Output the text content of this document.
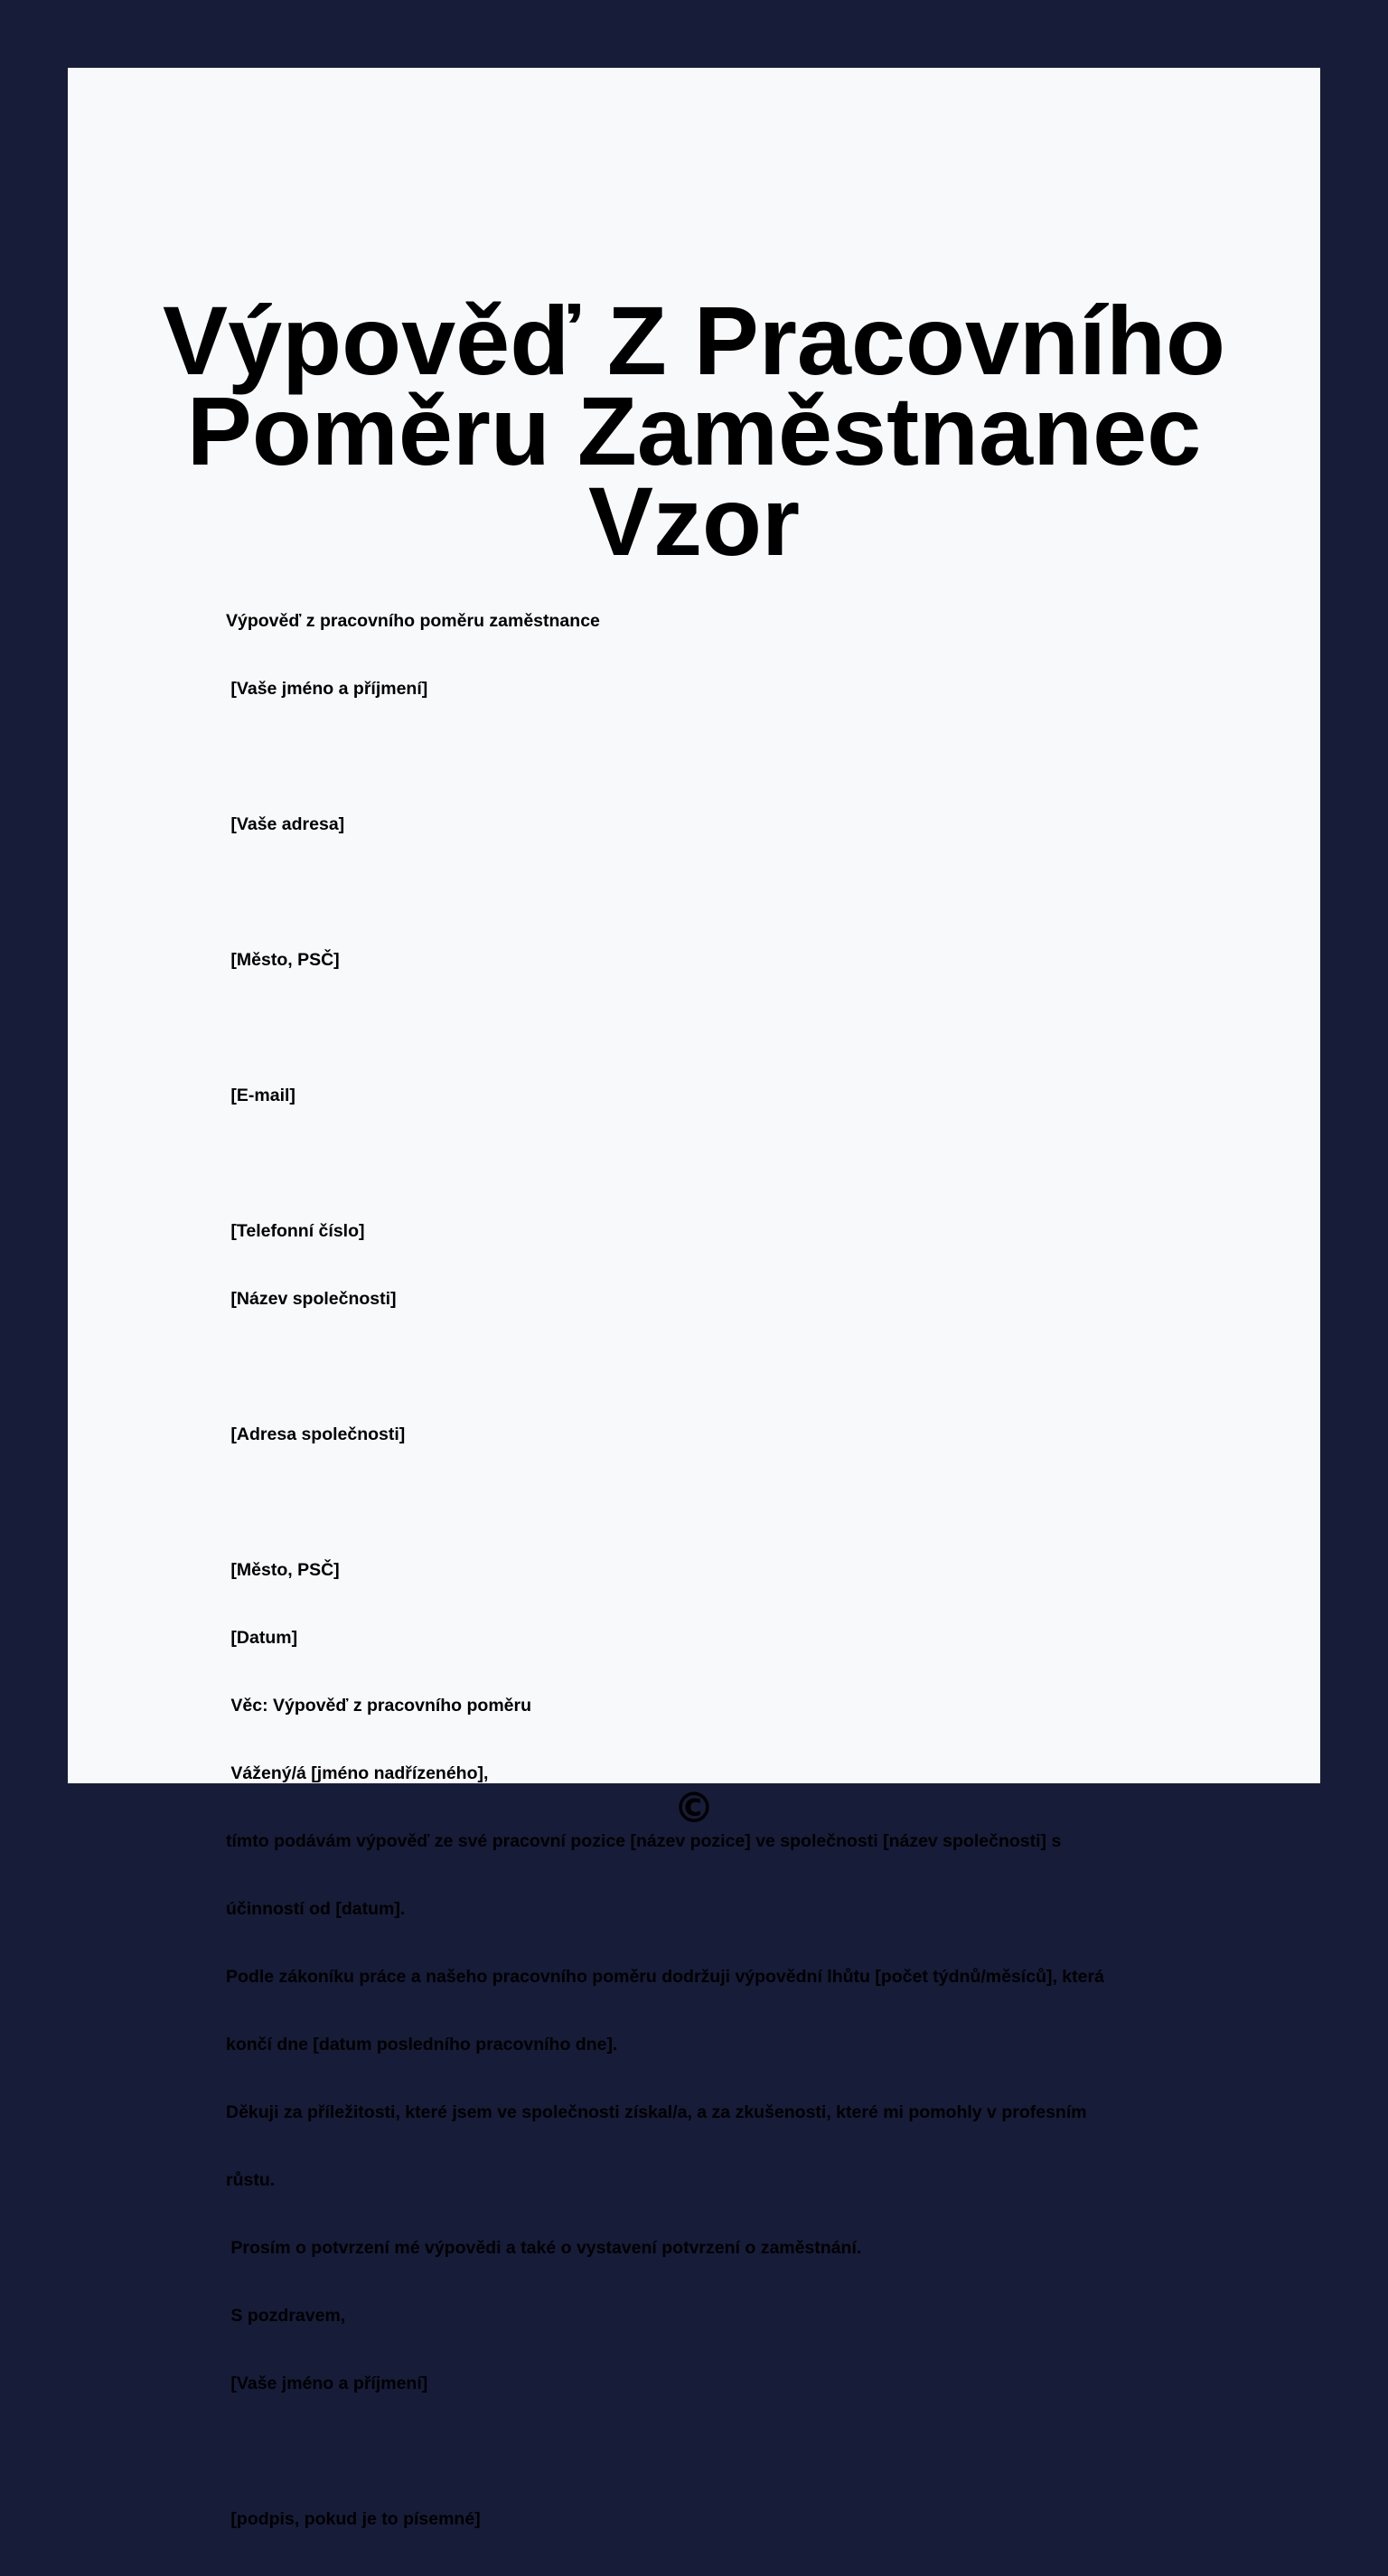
Výpověď Z Pracovního
Poměru Zaměstnanec Vzor

Výpověď z pracovního poměru zaměstnance

[Vaše jméno a příjmení]

[Vaše adresa]

[Město, PSČ]

[E-mail]

[Telefonní číslo]

[Název společnosti]

[Adresa společnosti]

[Město, PSČ]

[Datum]

Věc: Výpověď z pracovního poměru

Vážený/á [jméno nadřízeného],

tímto podávám výpověď ze své pracovní pozice [název pozice] ve společnosti [název společnosti] s

účinností od [datum].

Podle zákoníku práce a našeho pracovního poměru dodržuji výpovědní lhůtu [počet týdnů/měsíců], která

končí dne [datum posledního pracovního dne].

Děkuji za příležitosti, které jsem ve společnosti získal/a, a za zkušenosti, které mi pomohly v profesním

růstu.

Prosím o potvrzení mé výpovědi a také o vystavení potvrzení o zaměstnání.

S pozdravem,

[Vaše jméno a příjmení]

[podpis, pokud je to písemné]

©
